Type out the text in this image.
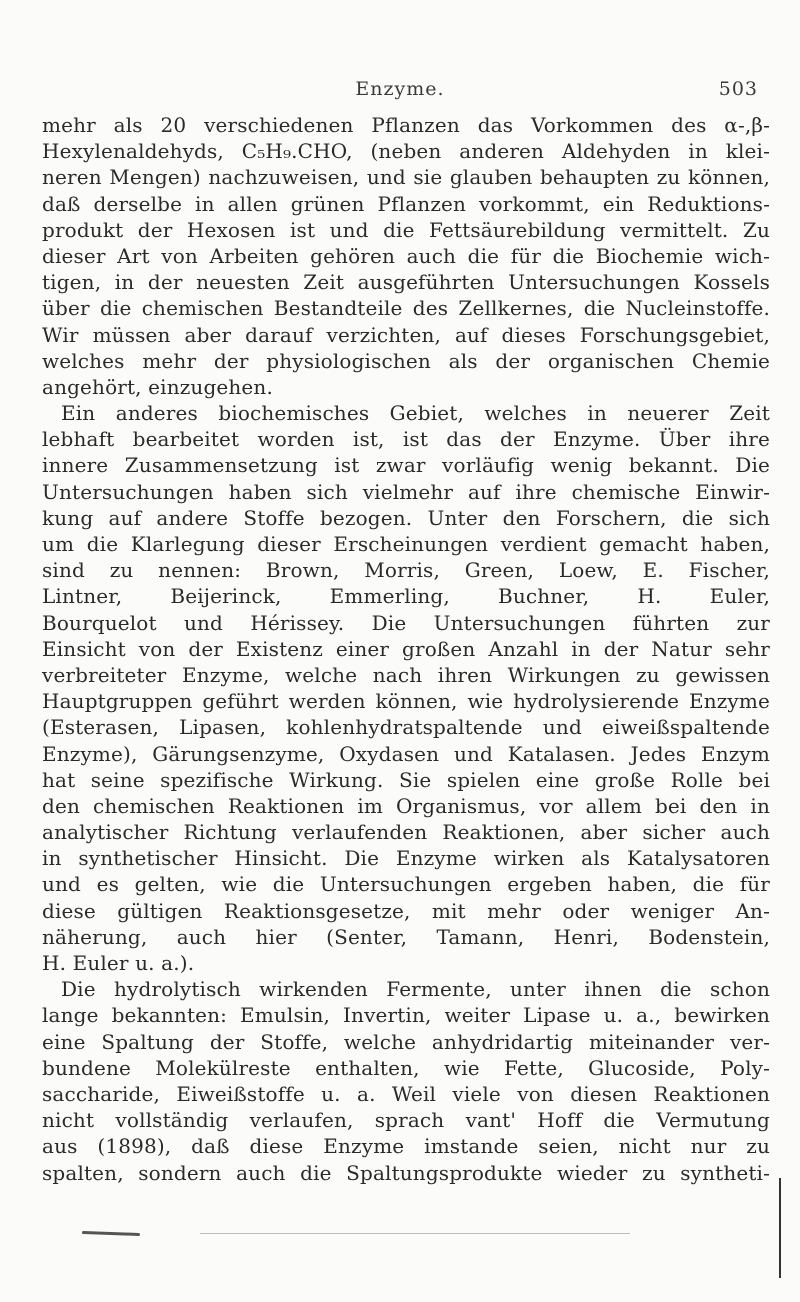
Enzyme.	503
mehr als 20 verschiedenen Pflanzen das Vorkommen des α-,β-
Hexylenaldehyds, C₅H₉.CHO, (neben anderen Aldehyden in klei-
neren Mengen) nachzuweisen, und sie glauben behaupten zu können,
daß derselbe in allen grünen Pflanzen vorkommt, ein Reduktions-
produkt der Hexosen ist und die Fettsäurebildung vermittelt. Zu
dieser Art von Arbeiten gehören auch die für die Biochemie wich-
tigen, in der neuesten Zeit ausgeführten Untersuchungen Kossels
über die chemischen Bestandteile des Zellkernes, die Nucleinstoffe.
Wir müssen aber darauf verzichten, auf dieses Forschungsgebiet,
welches mehr der physiologischen als der organischen Chemie
angehört, einzugehen.
Ein anderes biochemisches Gebiet, welches in neuerer Zeit
lebhaft bearbeitet worden ist, ist das der Enzyme. Über ihre
innere Zusammensetzung ist zwar vorläufig wenig bekannt. Die
Untersuchungen haben sich vielmehr auf ihre chemische Einwir-
kung auf andere Stoffe bezogen. Unter den Forschern, die sich
um die Klarlegung dieser Erscheinungen verdient gemacht haben,
sind zu nennen: Brown, Morris, Green, Loew, E. Fischer,
Lintner, Beijerinck, Emmerling, Buchner, H. Euler,
Bourquelot und Hérissey. Die Untersuchungen führten zur
Einsicht von der Existenz einer großen Anzahl in der Natur sehr
verbreiteter Enzyme, welche nach ihren Wirkungen zu gewissen
Hauptgruppen geführt werden können, wie hydrolysierende Enzyme
(Esterasen, Lipasen, kohlenhydratspaltende und eiweißspaltende
Enzyme), Gärungsenzyme, Oxydasen und Katalasen. Jedes Enzym
hat seine spezifische Wirkung. Sie spielen eine große Rolle bei
den chemischen Reaktionen im Organismus, vor allem bei den in
analytischer Richtung verlaufenden Reaktionen, aber sicher auch
in synthetischer Hinsicht. Die Enzyme wirken als Katalysatoren
und es gelten, wie die Untersuchungen ergeben haben, die für
diese gültigen Reaktionsgesetze, mit mehr oder weniger An-
näherung, auch hier (Senter, Tamann, Henri, Bodenstein,
H. Euler u. a.).
Die hydrolytisch wirkenden Fermente, unter ihnen die schon
lange bekannten: Emulsin, Invertin, weiter Lipase u. a., bewirken
eine Spaltung der Stoffe, welche anhydridartig miteinander ver-
bundene Molekülreste enthalten, wie Fette, Glucoside, Poly-
saccharide, Eiweißstoffe u. a. Weil viele von diesen Reaktionen
nicht vollständig verlaufen, sprach vant' Hoff die Vermutung
aus (1898), daß diese Enzyme imstande seien, nicht nur zu
spalten, sondern auch die Spaltungsprodukte wieder zu syntheti-
